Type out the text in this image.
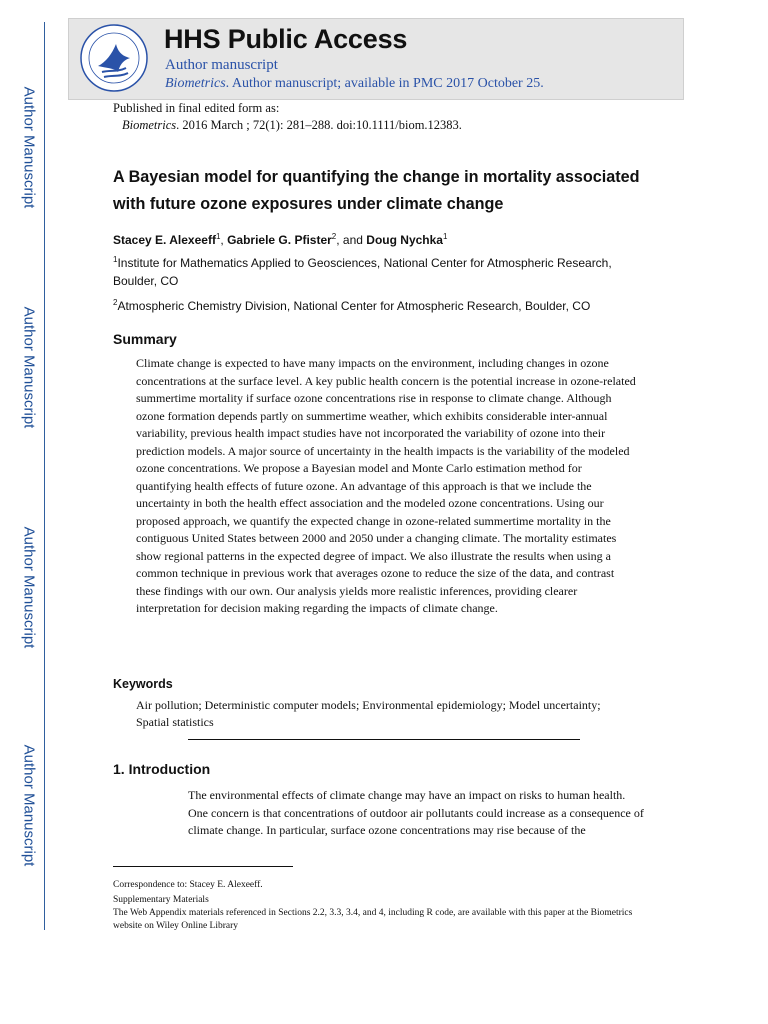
Author Manuscript
Author Manuscript
Author Manuscript
Author Manuscript
HHS Public Access
Author manuscript
Biometrics. Author manuscript; available in PMC 2017 October 25.
Published in final edited form as:
Biometrics. 2016 March ; 72(1): 281–288. doi:10.1111/biom.12383.
A Bayesian model for quantifying the change in mortality associated with future ozone exposures under climate change
Stacey E. Alexeeff$^1$, Gabriele G. Pfister$^2$, and Doug Nychka$^1$
$^1$Institute for Mathematics Applied to Geosciences, National Center for Atmospheric Research, Boulder, CO
$^2$Atmospheric Chemistry Division, National Center for Atmospheric Research, Boulder, CO
Summary

Climate change is expected to have many impacts on the environment, including changes in ozone concentrations at the surface level. A key public health concern is the potential increase in ozone-related summertime mortality if surface ozone concentrations rise in response to climate change. Although ozone formation depends partly on summertime weather, which exhibits considerable inter-annual variability, previous health impact studies have not incorporated the variability of ozone into their prediction models. A major source of uncertainty in the health impacts is the variability of the modeled ozone concentrations. We propose a Bayesian model and Monte Carlo estimation method for quantifying health effects of future ozone. An advantage of this approach is that we include the uncertainty in both the health effect association and the modeled ozone concentrations. Using our proposed approach, we quantify the expected change in ozone-related summertime mortality in the contiguous United States between 2000 and 2050 under a changing climate. The mortality estimates show regional patterns in the expected degree of impact. We also illustrate the results when using a common technique in previous work that averages ozone to reduce the size of the data, and contrast these findings with our own. Our analysis yields more realistic inferences, providing clearer interpretation for decision making regarding the impacts of climate change.

Keywords

Air pollution; Deterministic computer models; Environmental epidemiology; Model uncertainty; Spatial statistics

1. Introduction

The environmental effects of climate change may have an impact on risks to human health. One concern is that concentrations of outdoor air pollutants could increase as a consequence of climate change. In particular, surface ozone concentrations may rise because of the

Correspondence to: Stacey E. Alexeeff.
Supplementary Materials
The Web Appendix materials referenced in Sections 2.2, 3.3, 3.4, and 4, including R code, are available with this paper at the Biometrics website on Wiley Online Library
